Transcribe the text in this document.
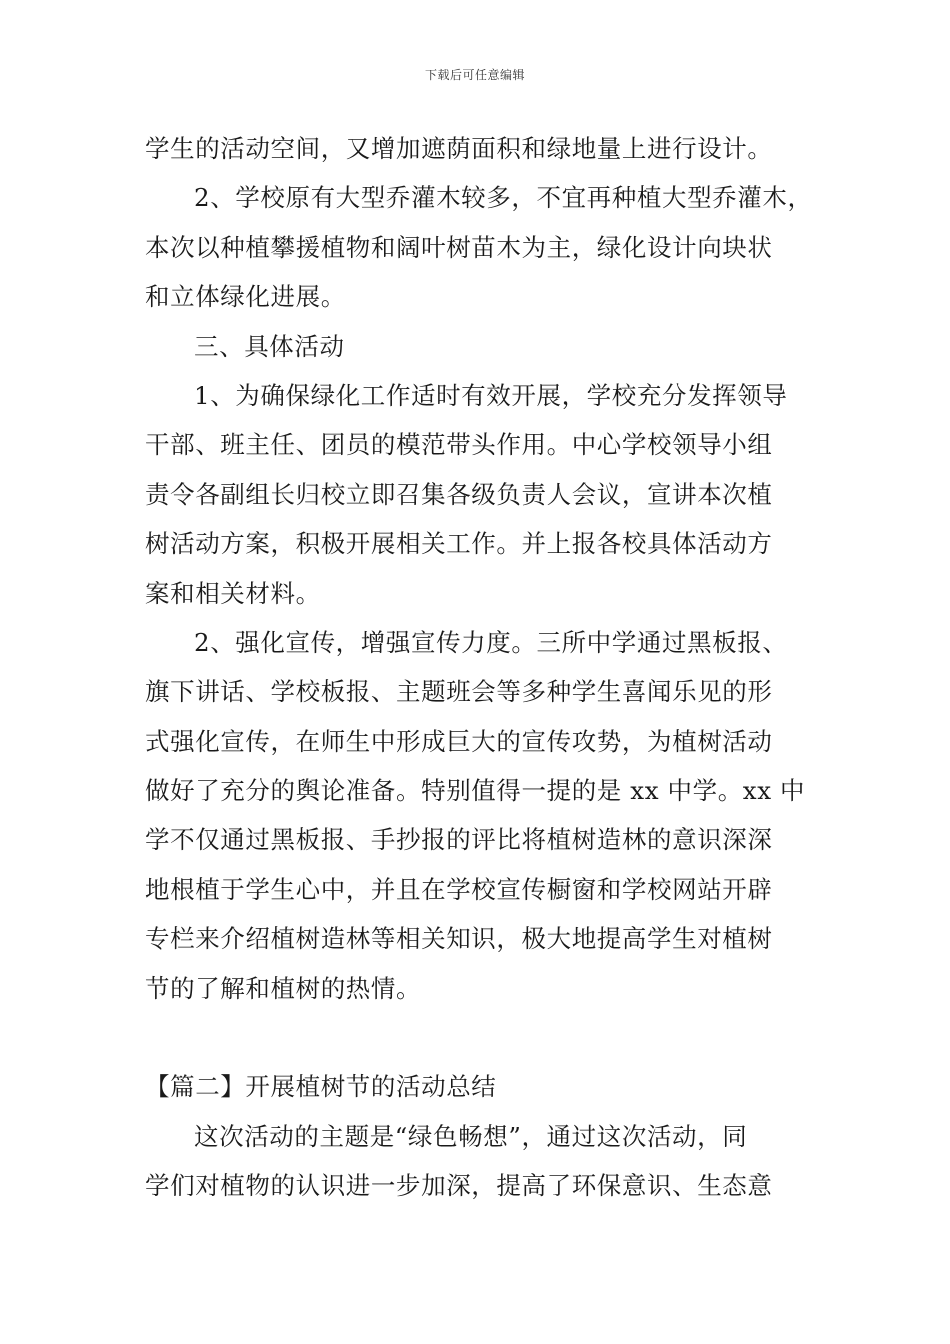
下载后可任意编辑
学生的活动空间，又增加遮荫面积和绿地量上进行设计。
2、学校原有大型乔灌木较多，不宜再种植大型乔灌木，
本次以种植攀援植物和阔叶树苗木为主，绿化设计向块状
和立体绿化进展。
三、具体活动
1、为确保绿化工作适时有效开展，学校充分发挥领导
干部、班主任、团员的模范带头作用。中心学校领导小组
责令各副组长归校立即召集各级负责人会议，宣讲本次植
树活动方案，积极开展相关工作。并上报各校具体活动方
案和相关材料。
2、强化宣传，增强宣传力度。三所中学通过黑板报、
旗下讲话、学校板报、主题班会等多种学生喜闻乐见的形
式强化宣传，在师生中形成巨大的宣传攻势，为植树活动
做好了充分的舆论准备。特别值得一提的是 xx 中学。xx 中
学不仅通过黑板报、手抄报的评比将植树造林的意识深深
地根植于学生心中，并且在学校宣传橱窗和学校网站开辟
专栏来介绍植树造林等相关知识，极大地提高学生对植树
节的了解和植树的热情。
【篇二】开展植树节的活动总结
这次活动的主题是“绿色畅想”，通过这次活动，同
学们对植物的认识进一步加深，提高了环保意识、生态意
